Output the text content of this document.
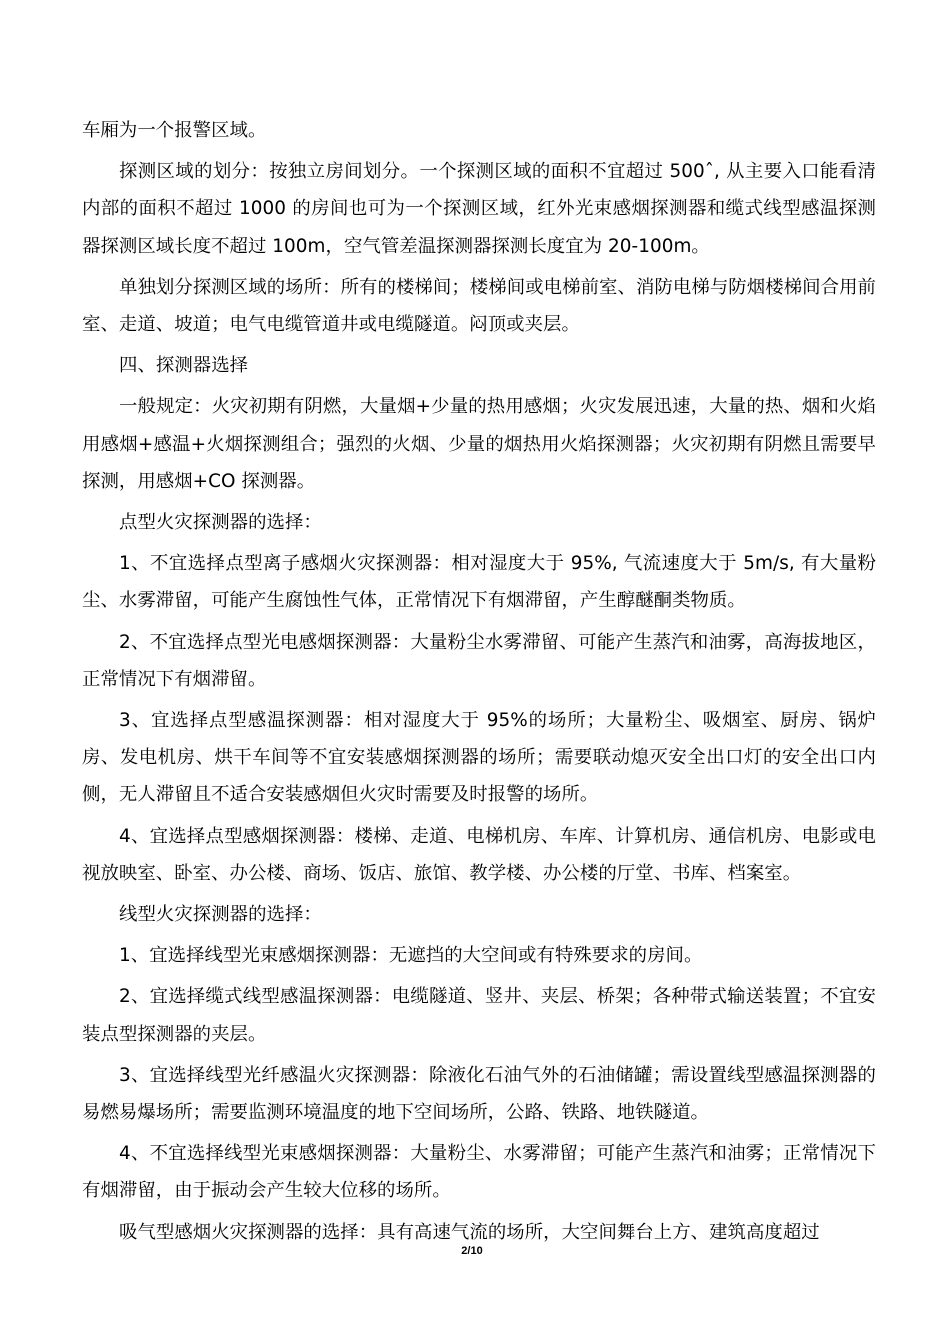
车厢为一个报警区域。

探测区域的划分：按独立房间划分。一个探测区域的面积不宜超过 500ˆ, 从主要入口能看清内部的面积不超过 1000 的房间也可为一个探测区域，红外光束感烟探测器和缆式线型感温探测器探测区域长度不超过 100m，空气管差温探测器探测长度宜为 20-100m。

单独划分探测区域的场所：所有的楼梯间；楼梯间或电梯前室、消防电梯与防烟楼梯间合用前室、走道、坡道；电气电缆管道井或电缆隧道。闷顶或夹层。

四、探测器选择

一般规定：火灾初期有阴燃，大量烟+少量的热用感烟；火灾发展迅速，大量的热、烟和火焰用感烟+感温+火烟探测组合；强烈的火烟、少量的烟热用火焰探测器；火灾初期有阴燃且需要早探测，用感烟+CO 探测器。

点型火灾探测器的选择：

1、不宜选择点型离子感烟火灾探测器：相对湿度大于 95%, 气流速度大于 5m/s, 有大量粉尘、水雾滞留，可能产生腐蚀性气体，正常情况下有烟滞留，产生醇醚酮类物质。

2、不宜选择点型光电感烟探测器：大量粉尘水雾滞留、可能产生蒸汽和油雾，高海拔地区，正常情况下有烟滞留。

3、宜选择点型感温探测器：相对湿度大于 95%的场所；大量粉尘、吸烟室、厨房、锅炉房、发电机房、烘干车间等不宜安装感烟探测器的场所；需要联动熄灭安全出口灯的安全出口内侧，无人滞留且不适合安装感烟但火灾时需要及时报警的场所。

4、宜选择点型感烟探测器：楼梯、走道、电梯机房、车库、计算机房、通信机房、电影或电视放映室、卧室、办公楼、商场、饭店、旅馆、教学楼、办公楼的厅堂、书库、档案室。

线型火灾探测器的选择：

1、宜选择线型光束感烟探测器：无遮挡的大空间或有特殊要求的房间。

2、宜选择缆式线型感温探测器：电缆隧道、竖井、夹层、桥架；各种带式输送装置；不宜安装点型探测器的夹层。

3、宜选择线型光纤感温火灾探测器：除液化石油气外的石油储罐；需设置线型感温探测器的易燃易爆场所；需要监测环境温度的地下空间场所，公路、铁路、地铁隧道。

4、不宜选择线型光束感烟探测器：大量粉尘、水雾滞留；可能产生蒸汽和油雾；正常情况下有烟滞留，由于振动会产生较大位移的场所。

吸气型感烟火灾探测器的选择：具有高速气流的场所，大空间舞台上方、建筑高度超过

2/10
